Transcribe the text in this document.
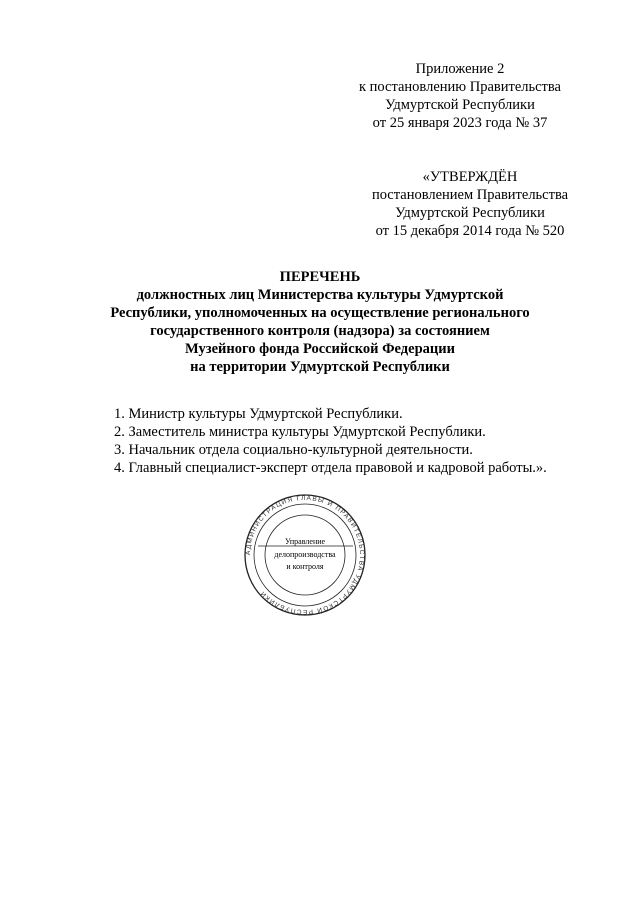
Приложение 2
к постановлению Правительства
Удмуртской Республики
от 25 января 2023 года № 37
«УТВЕРЖДЁН
постановлением Правительства
Удмуртской Республики
от 15 декабря 2014 года № 520
ПЕРЕЧЕНЬ
должностных лиц Министерства культуры Удмуртской
Республики, уполномоченных на осуществление регионального
государственного контроля (надзора) за состоянием
Музейного фонда Российской Федерации
на территории Удмуртской Республики
1. Министр культуры Удмуртской Республики.
2. Заместитель министра культуры Удмуртской Республики.
3. Начальник отдела социально-культурной деятельности.
4. Главный специалист-эксперт отдела правовой и кадровой работы.».
АДМИНИСТРАЦИЯ ГЛАВЫ И ПРАВИТЕЛЬСТВА УДМУРТСКОЙ РЕСПУБЛИКИ
Управление
делопроизводства
и контроля
